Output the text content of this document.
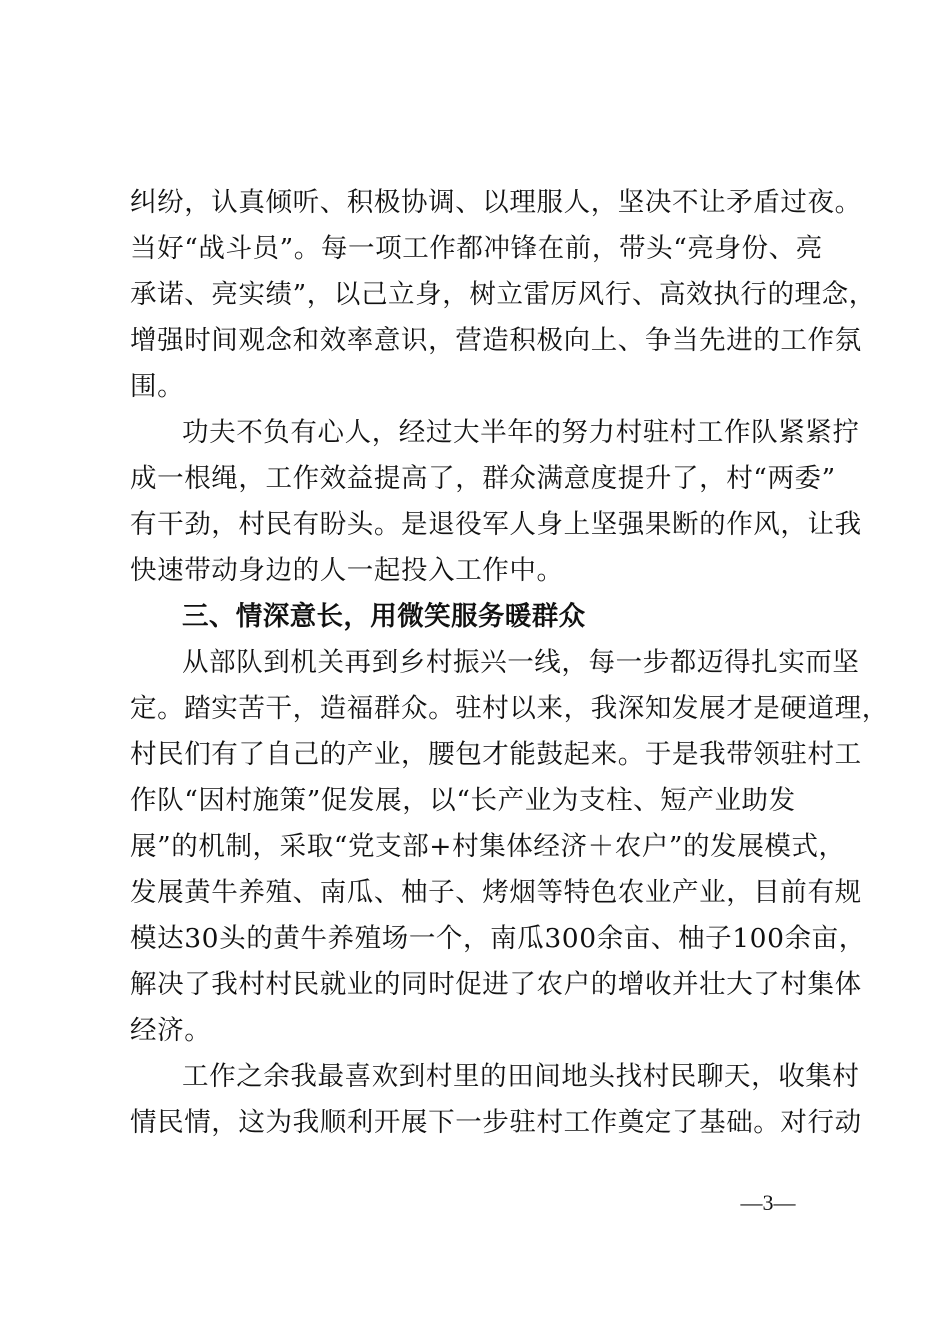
纠纷，认真倾听、积极协调、以理服人，坚决不让矛盾过夜。
当好“战斗员”。每一项工作都冲锋在前，带头“亮身份、亮
承诺、亮实绩”，以己立身，树立雷厉风行、高效执行的理念，
增强时间观念和效率意识，营造积极向上、争当先进的工作氛
围。
功夫不负有心人，经过大半年的努力村驻村工作队紧紧拧
成一根绳，工作效益提高了，群众满意度提升了，村“两委”
有干劲，村民有盼头。是退役军人身上坚强果断的作风，让我
快速带动身边的人一起投入工作中。
三、情深意长，用微笑服务暖群众
从部队到机关再到乡村振兴一线，每一步都迈得扎实而坚
定。踏实苦干，造福群众。驻村以来，我深知发展才是硬道理，
村民们有了自己的产业，腰包才能鼓起来。于是我带领驻村工
作队“因村施策”促发展，以“长产业为支柱、短产业助发
展”的机制，采取“党支部+村集体经济＋农户”的发展模式，
发展黄牛养殖、南瓜、柚子、烤烟等特色农业产业，目前有规
模达30头的黄牛养殖场一个，南瓜300余亩、柚子100余亩，
解决了我村村民就业的同时促进了农户的增收并壮大了村集体
经济。
工作之余我最喜欢到村里的田间地头找村民聊天，收集村
情民情，这为我顺利开展下一步驻村工作奠定了基础。对行动
—3—
